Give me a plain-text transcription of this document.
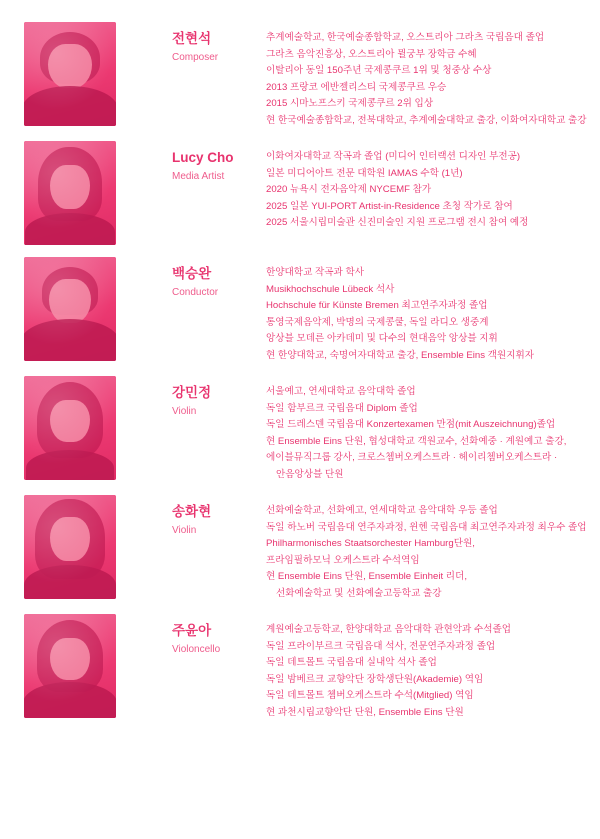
전현석
Composer
추계예술학교, 한국예술종합학교, 오스트리아 그라츠 국립음대 졸업
그라츠 음악진흥상, 오스트리아 뮐궁부 장학금 수혜
이탈리아 동일 150주년 국제콩쿠르 1위 및 청중상 수상
2013 프랑코 에반젤리스티 국제콩쿠르 우승
2015 시마노프스키 국제콩쿠르 2위 입상
현 한국예술종합학교, 전북대학교, 추계예술대학교 출강, 이화여자대학교 출강
Lucy Cho
Media Artist
이화여자대학교 작곡과 졸업 (미디어 인터랙션 디자인 부전공)
일본 미디어아트 전문 대학원 IAMAS 수학 (1년)
2020 뉴욕시 전자음악제 NYCEMF 참가
2025 일본 YUI-PORT Artist-in-Residence 초청 작가로 참여
2025 서울시립미술관 신진미술인 지원 프로그램 전시 참여 예정
백승완
Conductor
한양대학교 작곡과 학사
Musikhochschule Lübeck 석사
Hochschule für Künste Bremen 최고연주자과정 졸업
통영국제음악제, 박명의 국제콩쿨, 독일 라디오 생중계
앙상블 모데른 아카데미 및 다수의 현대음악 앙상블 지휘
현 한양대학교, 숙명여자대학교 출강, Ensemble Eins 객원지휘자
강민정
Violin
서울예고, 연세대학교 음악대학 졸업
독일 함부르크 국립음대 Diplom 졸업
독일 드레스덴 국립음대 Konzertexamen 만점(mit Auszeichnung)졸업
현 Ensemble Eins 단원, 협성대학교 객원교수, 선화예중 · 계원예고 출강,
에이블뮤직그룹 강사, 크로스쳄버오케스트라 · 헤이리쳄버오케스트라 ·
안음앙상블 단원
송화현
Violin
선화예술학교, 선화예고, 연세대학교 음악대학 우등 졸업
독일 하노버 국립음대 연주자과정, 윈헨 국립음대 최고연주자과정 최우수 졸업
Philharmonisches Staatsorchester Hamburg단원,
프라임필하모닉 오케스트라 수석역임
현 Ensemble Eins 단원, Ensemble Einheit 리더,
선화예술학교 및 선화예술고등학교 출강
주윤아
Violoncello
계원예술고등학교, 한양대학교 음악대학 관현악과 수석졸업
독일 프라이부르크 국립음대 석사, 전문연주자과정 졸업
독일 데트몰트 국립음대 실내악 석사 졸업
독일 밤베르크 교향악단 장학생단원(Akademie) 역임
독일 데트몰트 쳄버오케스트라 수석(Mitglied) 역임
현 과천시립교향악단 단원, Ensemble Eins 단원
